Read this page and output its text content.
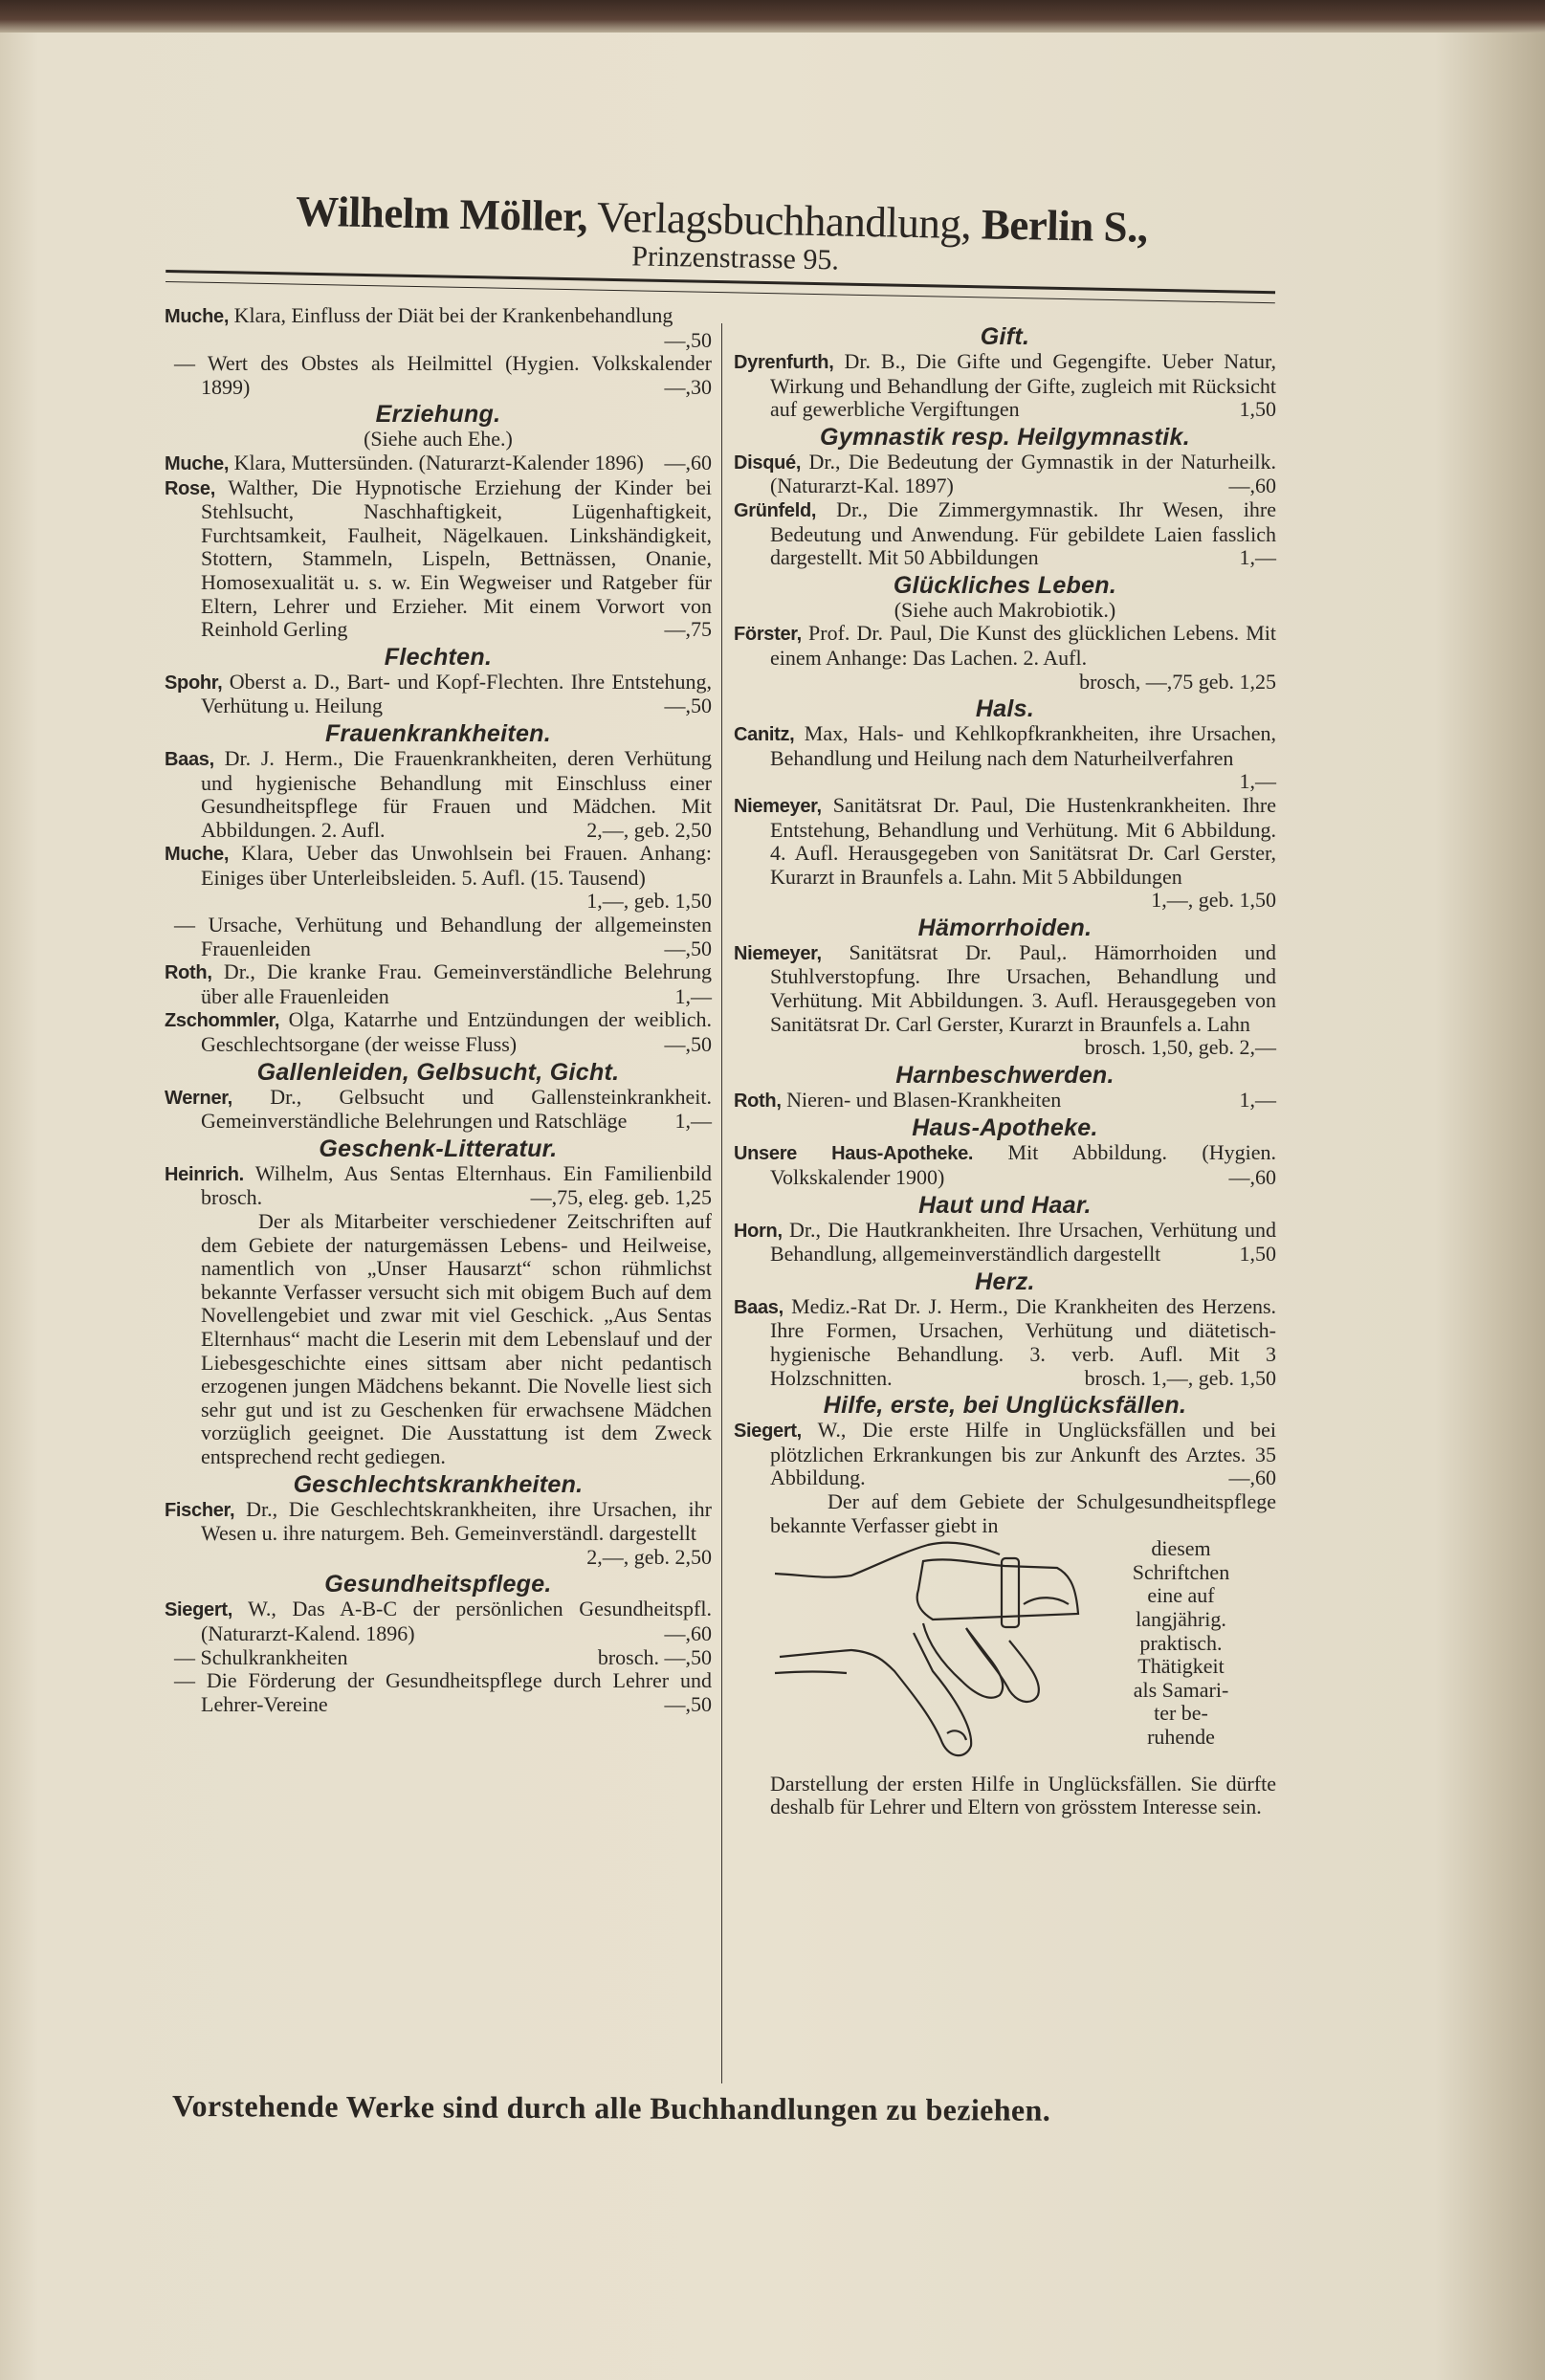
Wilhelm Möller, Verlagsbuchhandlung, Berlin S.,
Prinzenstrasse 95.
Muche, Klara, Einfluss der Diät bei der Krankenbehandlung
—,50
— Wert des Obstes als Heilmittel (Hygien. Volkskalender 1899)	—,30
Erziehung.
(Siehe auch Ehe.)
Muche, Klara, Muttersünden. (Naturarzt-Kalender 1896) —,60
Rose, Walther, Die Hypnotische Erziehung der Kinder bei Stehlsucht, Naschhaftigkeit, Lügenhaftigkeit, Furchtsamkeit, Faulheit, Nägelkauen. Linkshändigkeit, Stottern, Stammeln, Lispeln, Bettnässen, Onanie, Homosexualität u. s. w. Ein Wegweiser und Ratgeber für Eltern, Lehrer und Erzieher. Mit einem Vorwort von Reinhold Gerling	—,75
Flechten.
Spohr, Oberst a. D., Bart- und Kopf-Flechten. Ihre Entstehung, Verhütung u. Heilung	—,50
Frauenkrankheiten.
Baas, Dr. J. Herm., Die Frauenkrankheiten, deren Verhütung und hygienische Behandlung mit Einschluss einer Gesundheitspflege für Frauen und Mädchen. Mit Abbildungen. 2. Aufl.	2,—, geb. 2,50
Muche, Klara, Ueber das Unwohlsein bei Frauen. Anhang: Einiges über Unterleibsleiden. 5. Aufl. (15. Tausend)
1,—, geb. 1,50
— Ursache, Verhütung und Behandlung der allgemeinsten Frauenleiden	—,50
Roth, Dr., Die kranke Frau. Gemeinverständliche Belehrung über alle Frauenleiden	1,—
Zschommler, Olga, Katarrhe und Entzündungen der weiblich. Geschlechtsorgane (der weisse Fluss)	—,50
Gallenleiden, Gelbsucht, Gicht.
Werner, Dr., Gelbsucht und Gallensteinkrankheit. Gemeinverständliche Belehrungen und Ratschläge	1,—
Geschenk-Litteratur.
Heinrich. Wilhelm, Aus Sentas Elternhaus. Ein Familienbild brosch.	—,75, eleg. geb. 1,25
Der als Mitarbeiter verschiedener Zeitschriften auf dem Gebiete der naturgemässen Lebens- und Heilweise, namentlich von „Unser Hausarzt“ schon rühmlichst bekannte Verfasser versucht sich mit obigem Buch auf dem Novellengebiet und zwar mit viel Geschick. „Aus Sentas Elternhaus“ macht die Leserin mit dem Lebenslauf und der Liebesgeschichte eines sittsam aber nicht pedantisch erzogenen jungen Mädchens bekannt. Die Novelle liest sich sehr gut und ist zu Geschenken für erwachsene Mädchen vorzüglich geeignet. Die Ausstattung ist dem Zweck entsprechend recht gediegen.
Geschlechtskrankheiten.
Fischer, Dr., Die Geschlechtskrankheiten, ihre Ursachen, ihr Wesen u. ihre naturgem. Beh. Gemeinverständl. dargestellt
2,—, geb. 2,50
Gesundheitspflege.
Siegert, W., Das A-B-C der persönlichen Gesundheitspfl. (Naturarzt-Kalend. 1896)	—,60
— Schulkrankheiten	brosch. —,50
— Die Förderung der Gesundheitspflege durch Lehrer und Lehrer-Vereine	—,50
Gift.
Dyrenfurth, Dr. B., Die Gifte und Gegengifte. Ueber Natur, Wirkung und Behandlung der Gifte, zugleich mit Rücksicht auf gewerbliche Vergiftungen	1,50
Gymnastik resp. Heilgymnastik.
Disqué, Dr., Die Bedeutung der Gymnastik in der Naturheilk. (Naturarzt-Kal. 1897)	—,60
Grünfeld, Dr., Die Zimmergymnastik. Ihr Wesen, ihre Bedeutung und Anwendung. Für gebildete Laien fasslich dargestellt. Mit 50 Abbildungen	1,—
Glückliches Leben.
(Siehe auch Makrobiotik.)
Förster, Prof. Dr. Paul, Die Kunst des glücklichen Lebens. Mit einem Anhange: Das Lachen. 2. Aufl.
brosch, —,75 geb. 1,25
Hals.
Canitz, Max, Hals- und Kehlkopfkrankheiten, ihre Ursachen, Behandlung und Heilung nach dem Naturheilverfahren
1,—
Niemeyer, Sanitätsrat Dr. Paul, Die Hustenkrankheiten. Ihre Entstehung, Behandlung und Verhütung. Mit 6 Abbildung. 4. Aufl. Herausgegeben von Sanitätsrat Dr. Carl Gerster, Kurarzt in Braunfels a. Lahn. Mit 5 Abbildungen
1,—, geb. 1,50
Hämorrhoiden.
Niemeyer, Sanitätsrat Dr. Paul,. Hämorrhoiden und Stuhlverstopfung. Ihre Ursachen, Behandlung und Verhütung. Mit Abbildungen. 3. Aufl. Herausgegeben von Sanitätsrat Dr. Carl Gerster, Kurarzt in Braunfels a. Lahn
brosch. 1,50, geb. 2,—
Harnbeschwerden.
Roth, Nieren- und Blasen-Krankheiten	1,—
Haus-Apotheke.
Unsere Haus-Apotheke. Mit Abbildung. (Hygien. Volkskalender 1900)	—,60
Haut und Haar.
Horn, Dr., Die Hautkrankheiten. Ihre Ursachen, Verhütung und Behandlung, allgemeinverständlich dargestellt	1,50
Herz.
Baas, Mediz.-Rat Dr. J. Herm., Die Krankheiten des Herzens. Ihre Formen, Ursachen, Verhütung und diätetisch-hygienische Behandlung. 3. verb. Aufl. Mit 3 Holzschnitten.	brosch. 1,—, geb. 1,50
Hilfe, erste, bei Unglücksfällen.
Siegert, W., Die erste Hilfe in Unglücksfällen und bei plötzlichen Erkrankungen bis zur Ankunft des Arztes. 35 Abbildung.	—,60
Der auf dem Gebiete der Schulgesundheitspflege bekannte Verfasser giebt in
diesem
Schriftchen
eine auf
langjährig.
praktisch.
Thätigkeit
als Samari-
ter be-
ruhende
Darstellung der ersten Hilfe in Unglücksfällen. Sie dürfte deshalb für Lehrer und Eltern von grösstem Interesse sein.
Vorstehende Werke sind durch alle Buchhandlungen zu beziehen.
